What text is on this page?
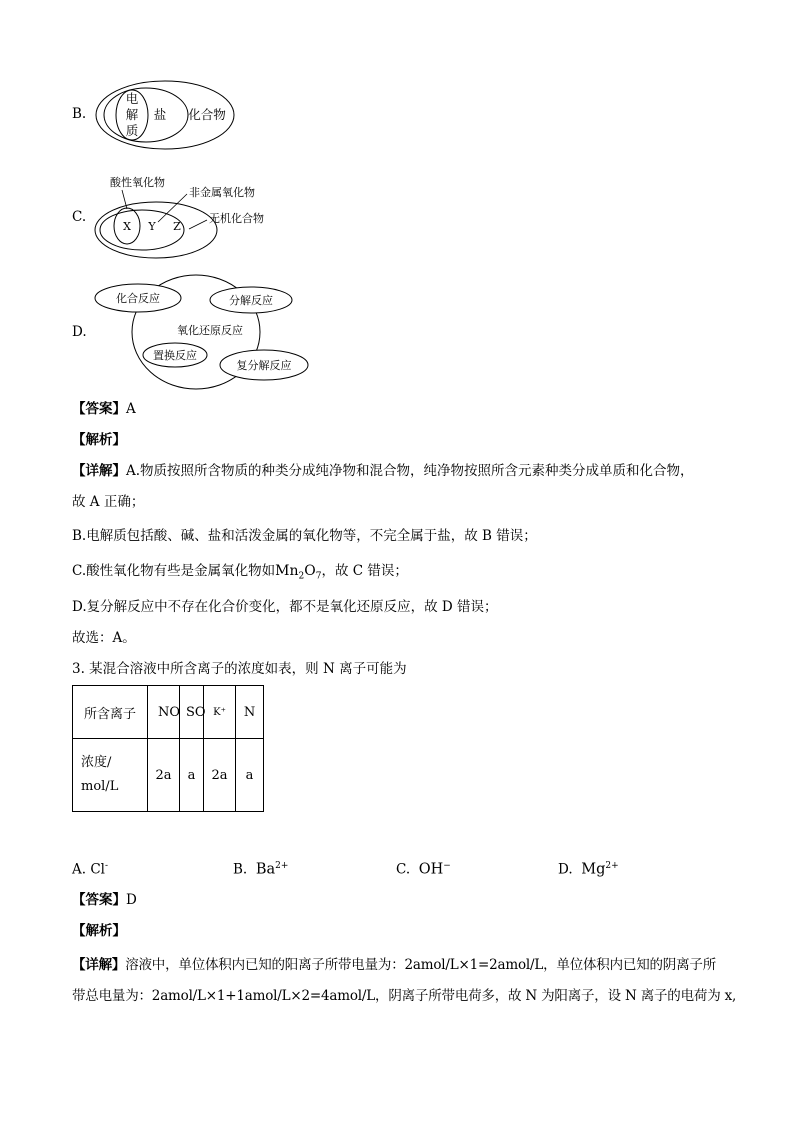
B.
电
解
质
盐 化合物
C.
X Y Z
酸性氧化物
非金属氧化物
无机化合物
D.
化合反应	分解反应
氧化还原反应
置换反应
复分解反应
【答案】A
【解析】
【详解】A.物质按照所含物质的种类分成纯净物和混合物，纯净物按照所含元素种类分成单质和化合物，
故 A 正确；
B.电解质包括酸、碱、盐和活泼金属的氧化物等，不完全属于盐，故 B 错误；
C.酸性氧化物有些是金属氧化物如$Mn_2O_7$，故 C 错误；
D.复分解反应中不存在化合价变化，都不是氧化还原反应，故 D 错误；
故选：A。
3. 某混合溶液中所含离子的浓度如表，则 N 离子可能为
所含离子	NO	SO	K⁺	N

浓度/
mol/L	2a	a	2a	a
A. Cl-	B. $Ba^{2+}$	C. OH−	D. $Mg^{2+}$
【答案】D
【解析】
【详解】溶液中，单位体积内已知的阳离子所带电量为：2amol/L×1=2amol/L，单位体积内已知的阴离子所
带总电量为：2amol/L×1+1amol/L×2=4amol/L，阴离子所带电荷多，故 N 为阳离子，设 N 离子的电荷为 x,
